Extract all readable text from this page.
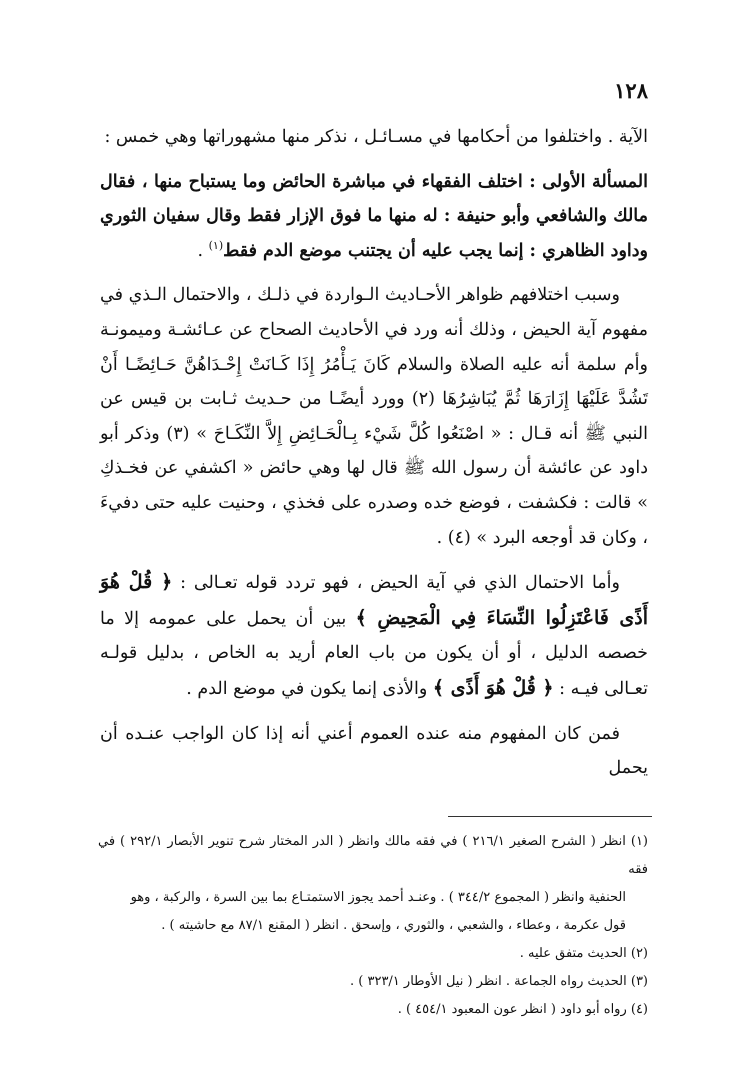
١٢٨

الآية . واختلفوا من أحكامها في مسـائـل ، نذكر منها مشهوراتها وهي خمس :

المسألة الأولى : اختلف الفقهاء في مباشرة الحائض وما يستباح منها ، فقال مالك والشافعي وأبو حنيفة : له منها ما فوق الإزار فقط وقال سفيان الثوري وداود الظاهري : إنما يجب عليه أن يجتنب موضع الدم فقط$^{(١)}$ .

وسبب اختلافهم ظواهر الأحـاديث الـواردة في ذلـك ، والاحتمال الـذي في مفهوم آية الحيض ، وذلك أنه ورد في الأحاديث الصحاح عن عـائشـة وميمونـة وأم سلمة أنه عليه الصلاة والسلام كَانَ يَـأْمُرُ إِذَا كَـانَتْ إِحْـدَاهُنَّ حَـائِضًـا أَنْ تَشُدَّ عَلَيْهَا إِزَارَهَا ثُمَّ يُبَاشِرُهَا (٢) وورد أيضًـا من حـديث ثـابت بن قيس عن النبي ﷺ أنه قـال : « اصْنَعُوا كُلَّ شَيْء بِـالْحَـائِضِ إِلاَّ النِّكَـاحَ » (٣) وذكر أبو داود عن عائشة أن رسول الله ﷺ قال لها وهي حائض « اكشفي عن فخـذكِ » قالت : فكشفت ، فوضع خده وصدره على فخذي ، وحنيت عليه حتى دفيءَ ، وكان قد أوجعه البرد » (٤) .

وأما الاحتمال الذي في آية الحيض ، فهو تردد قوله تعـالى : ﴿ قُلْ هُوَ أَذًى فَاعْتَزِلُوا النِّسَاءَ فِي الْمَحِيضِ ﴾ بين أن يحمل على عمومه إلا ما خصصه الدليل ، أو أن يكون من باب العام أريد به الخاص ، بدليل قولـه تعـالى فيـه : ﴿ قُلْ هُوَ أَذًى ﴾ والأذى إنما يكون في موضع الدم .

فمن كان المفهوم منه عنده العموم أعني أنه إذا كان الواجب عنـده أن يحمل

(١) انظر ( الشرح الصغير ٢١٦/١ ) في فقه مالك وانظر ( الدر المختار شرح تنوير الأبصار ٢٩٢/١ ) في فقه

الحنفية وانظر ( المجموع ٣٤٤/٢ ) . وعنـد أحمد يجوز الاستمتـاع بما بين السرة ، والركبة ، وهو

قول عكرمة ، وعطاء ، والشعبي ، والثوري ، وإسحق . انظر ( المقنع ٨٧/١ مع حاشيته ) .

(٢) الحديث متفق عليه .

(٣) الحديث رواه الجماعة . انظر ( نيل الأوطار ٣٢٣/١ ) .

(٤) رواه أبو داود ( انظر عون المعبود ٤٥٤/١ ) .
